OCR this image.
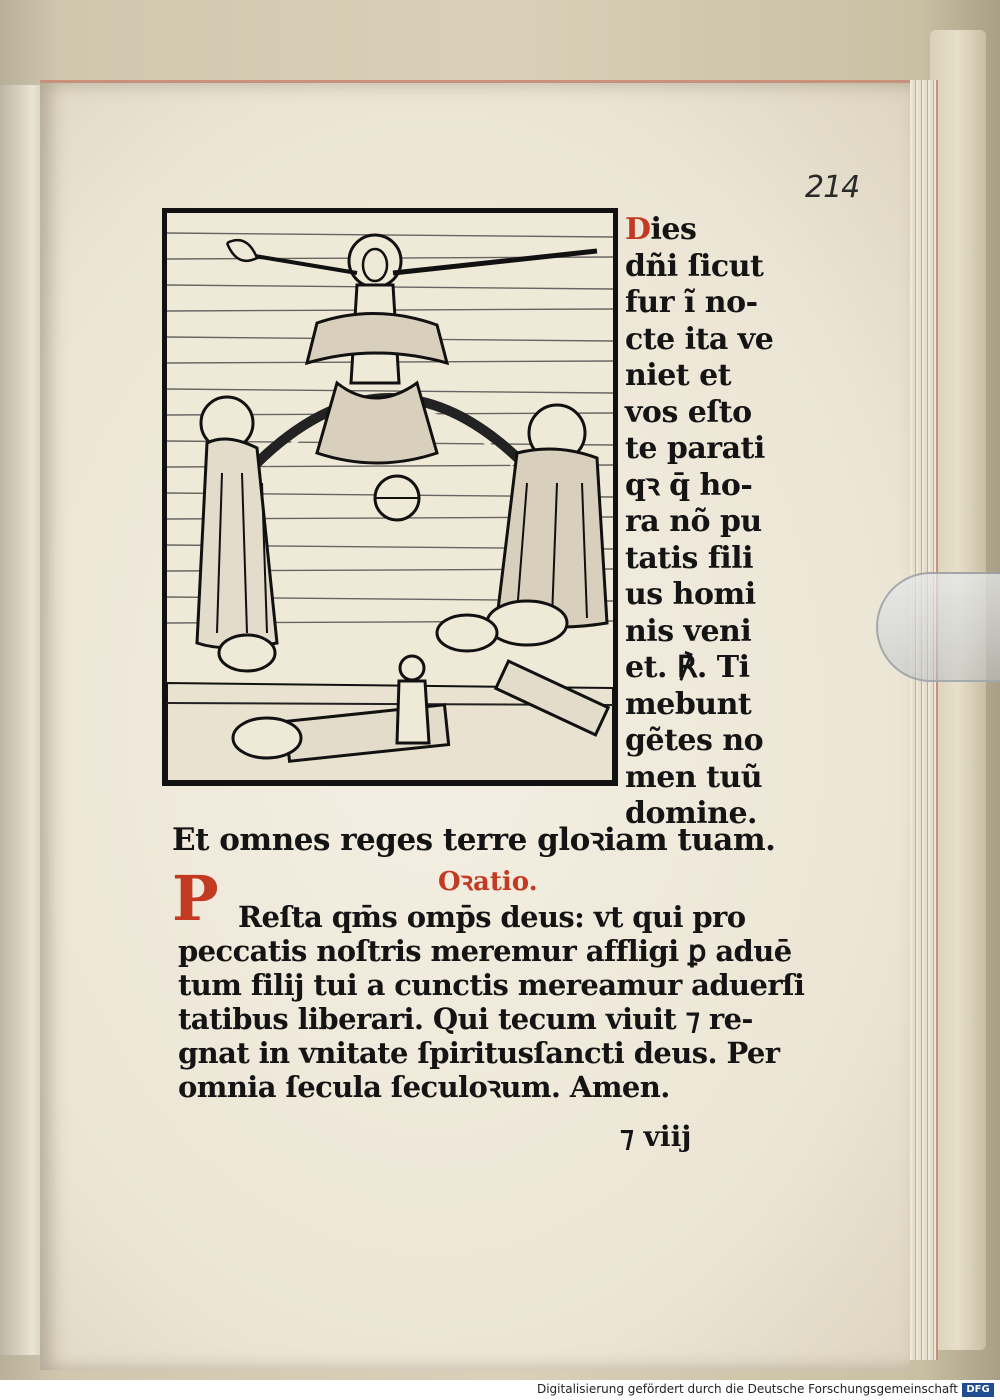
214
Dies
dñi ſicut
fur ĩ no-
cte ita ve
niet et
vos eſto
te parati
qꝛ q̄ ho-
ra nõ pu
tatis fili
us homi
nis veni
et. ℟. Ti
mebunt
gẽtes no
men tuũ
domine.
Et omnes reges terre gloꝛiam tuam.
Oꝛatio.
P Reſta qm̄s omp̄s deus: vt qui pro
peccatis noſtris meremur affligi ꝑ aduē
tum filij tui a cunctis mereamur aduerſi
tatibus liberari. Qui tecum viuit ⁊ re-
gnat in vnitate ſpiritusſancti deus. Per
omnia ſecula ſeculoꝛum. Amen.
⁊ viij
Digitalisierung gefördert durch die Deutsche Forschungsgemeinschaft DFG
